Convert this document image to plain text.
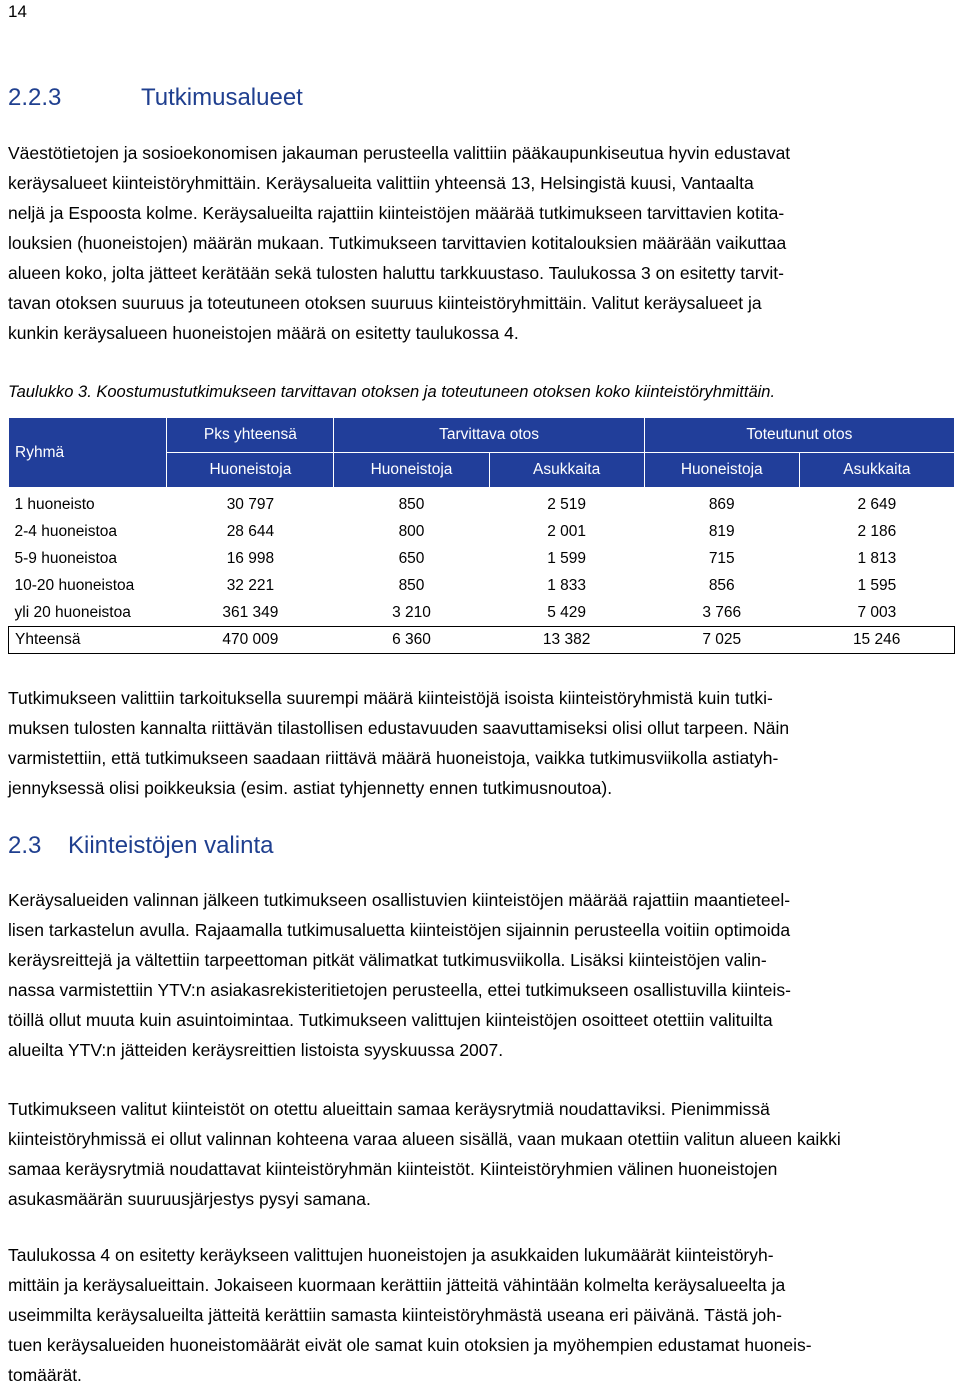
14
2.2.3	Tutkimusalueet

Väestötietojen ja sosioekonomisen jakauman perusteella valittiin pääkaupunkiseutua hyvin edustavat
keräysalueet kiinteistöryhmittäin. Keräysalueita valittiin yhteensä 13, Helsingistä kuusi, Vantaalta
neljä ja Espoosta kolme. Keräysalueilta rajattiin kiinteistöjen määrää tutkimukseen tarvittavien kotita-
louksien (huoneistojen) määrän mukaan. Tutkimukseen tarvittavien kotitalouksien määrään vaikuttaa
alueen koko, jolta jätteet kerätään sekä tulosten haluttu tarkkuustaso. Taulukossa 3 on esitetty tarvit-
tavan otoksen suuruus ja toteutuneen otoksen suuruus kiinteistöryhmittäin. Valitut keräysalueet ja
kunkin keräysalueen huoneistojen määrä on esitetty taulukossa 4.

Taulukko 3. Koostumustutkimukseen tarvittavan otoksen ja toteutuneen otoksen koko kiinteistöryhmittäin.
Ryhmä	Pks yhteensä	Tarvittava otos		Toteutunut otos	
	Huoneistoja	Huoneistoja	Asukkaita	Huoneistoja	Asukkaita
1 huoneisto	30 797	850	2 519	869	2 649
2-4 huoneistoa	28 644	800	2 001	819	2 186
5-9 huoneistoa	16 998	650	1 599	715	1 813
10-20 huoneistoa	32 221	850	1 833	856	1 595
yli 20 huoneistoa	361 349	3 210	5 429	3 766	7 003
Yhteensä	470 009	6 360	13 382	7 025	15 246

Tutkimukseen valittiin tarkoituksella suurempi määrä kiinteistöjä isoista kiinteistöryhmistä kuin tutki-
muksen tulosten kannalta riittävän tilastollisen edustavuuden saavuttamiseksi olisi ollut tarpeen. Näin
varmistettiin, että tutkimukseen saadaan riittävä määrä huoneistoja, vaikka tutkimusviikolla astiatyh-
jennyksessä olisi poikkeuksia (esim. astiat tyhjennetty ennen tutkimusnoutoa).

2.3 Kiinteistöjen valinta

Keräysalueiden valinnan jälkeen tutkimukseen osallistuvien kiinteistöjen määrää rajattiin maantieteel-
lisen tarkastelun avulla. Rajaamalla tutkimusaluetta kiinteistöjen sijainnin perusteella voitiin optimoida
keräysreittejä ja vältettiin tarpeettoman pitkät välimatkat tutkimusviikolla. Lisäksi kiinteistöjen valin-
nassa varmistettiin YTV:n asiakasrekisteritietojen perusteella, ettei tutkimukseen osallistuvilla kiinteis-
töillä ollut muuta kuin asuintoimintaa. Tutkimukseen valittujen kiinteistöjen osoitteet otettiin valituilta
alueilta YTV:n jätteiden keräysreittien listoista syyskuussa 2007.

Tutkimukseen valitut kiinteistöt on otettu alueittain samaa keräysrytmiä noudattaviksi. Pienimmissä
kiinteistöryhmissä ei ollut valinnan kohteena varaa alueen sisällä, vaan mukaan otettiin valitun alueen kaikki
samaa keräysrytmiä noudattavat kiinteistöryhmän kiinteistöt. Kiinteistöryhmien välinen huoneistojen
asukasmäärän suuruusjärjestys pysyi samana.

Taulukossa 4 on esitetty keräykseen valittujen huoneistojen ja asukkaiden lukumäärät kiinteistöryh-
mittäin ja keräysalueittain. Jokaiseen kuormaan kerättiin jätteitä vähintään kolmelta keräysalueelta ja
useimmilta keräysalueilta jätteitä kerättiin samasta kiinteistöryhmästä useana eri päivänä. Tästä joh-
tuen keräysalueiden huoneistomäärät eivät ole samat kuin otoksien ja myöhempien edustamat huoneis-
tomäärät.
